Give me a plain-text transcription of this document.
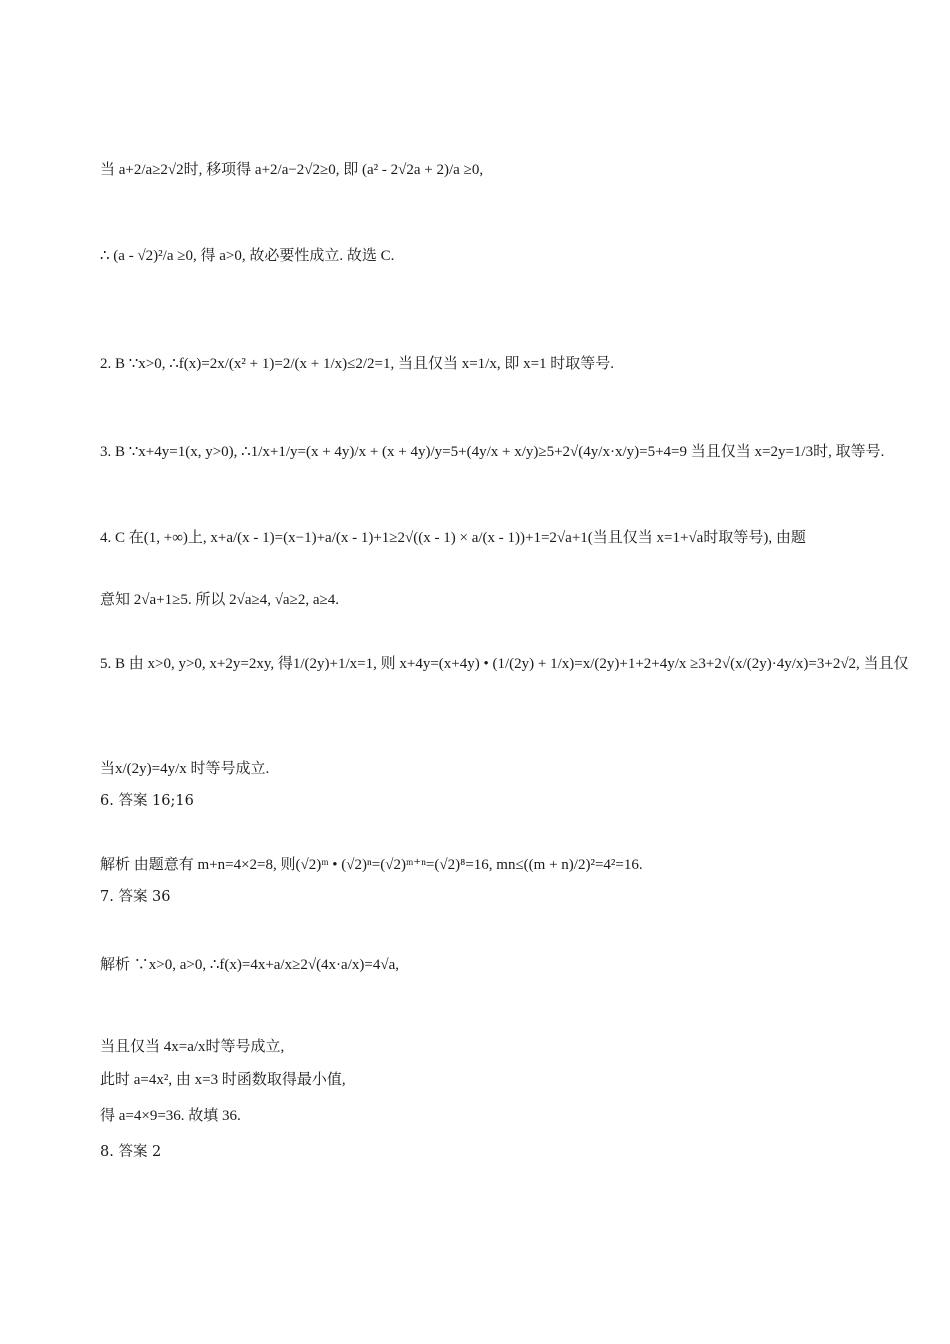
当 a+2/a≥2√2时, 移项得 a+2/a−2√2≥0, 即 (a² - 2√2a + 2)/a ≥0,
∴ (a - √2)²/a ≥0, 得 a>0, 故必要性成立. 故选 C.
2. B ∵x>0, ∴f(x)=2x/(x² + 1)=2/(x + 1/x)≤2/2=1, 当且仅当 x=1/x, 即 x=1 时取等号.
3. B ∵x+4y=1(x, y>0), ∴1/x+1/y=(x + 4y)/x + (x + 4y)/y=5+(4y/x + x/y)≥5+2√(4y/x·x/y)=5+4=9 当且仅当 x=2y=1/3时, 取等号.
4. C 在(1, +∞)上, x+a/(x - 1)=(x−1)+a/(x - 1)+1≥2√((x - 1) × a/(x - 1))+1=2√a+1(当且仅当 x=1+√a时取等号), 由题
意知 2√a+1≥5. 所以 2√a≥4, √a≥2, a≥4.
5. B 由 x>0, y>0, x+2y=2xy, 得1/(2y)+1/x=1, 则 x+4y=(x+4y) • (1/(2y) + 1/x)=x/(2y)+1+2+4y/x ≥3+2√(x/(2y)·4y/x)=3+2√2, 当且仅
当x/(2y)=4y/x 时等号成立.
6. 答案 16;16
解析 由题意有 m+n=4×2=8, 则(√2)ᵐ • (√2)ⁿ=(√2)ᵐ⁺ⁿ=(√2)⁸=16, mn≤((m + n)/2)²=4²=16.
7. 答案 36
解析 ∵x>0, a>0, ∴f(x)=4x+a/x≥2√(4x·a/x)=4√a,
当且仅当 4x=a/x时等号成立,
此时 a=4x², 由 x=3 时函数取得最小值,
得 a=4×9=36. 故填 36.
8. 答案 2
